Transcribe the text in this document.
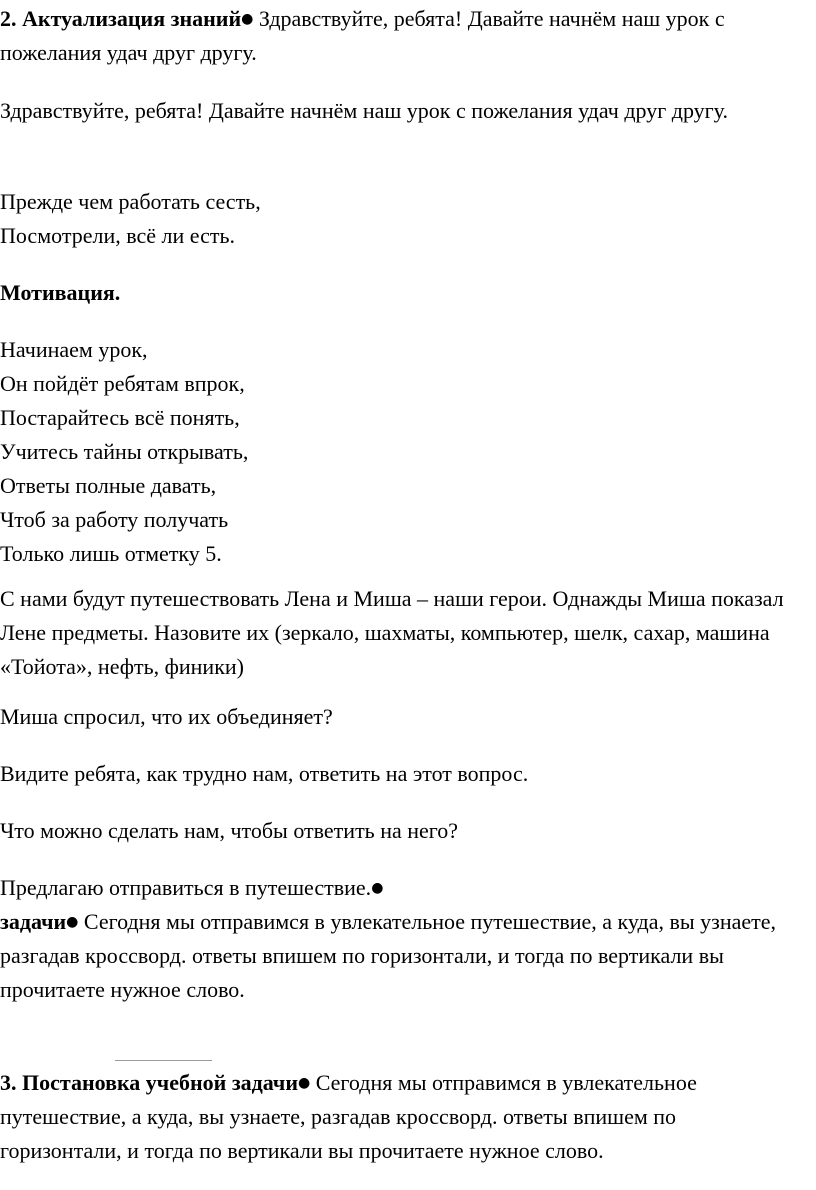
2. Актуализация знаний● Здравствуйте, ребята! Давайте начнём наш урок с пожелания удач друг другу.

Здравствуйте, ребята! Давайте начнём наш урок с пожелания удач друг другу.

Прежде чем работать сесть,

Посмотрели, всё ли есть.

Мотивация.

Начинаем урок,

Он пойдёт ребятам впрок,

Постарайтесь всё понять,

Учитесь тайны открывать,

Ответы полные давать,

Чтоб за работу получать

Только лишь отметку 5.

С нами будут путешествовать Лена и Миша – наши герои. Однажды Миша показал Лене предметы. Назовите их (зеркало, шахматы, компьютер, шелк, сахар, машина «Тойота», нефть, финики)

Миша спросил, что их объединяет?

Видите ребята, как трудно нам, ответить на этот вопрос.

Что можно сделать нам, чтобы ответить на него?

Предлагаю отправиться в путешествие.●

задачи● Сегодня мы отправимся в увлекательное путешествие, а куда, вы узнаете, разгадав кроссворд. ответы впишем по горизонтали, и тогда по вертикали вы прочитаете нужное слово.

3. Постановка учебной задачи● Сегодня мы отправимся в увлекательное путешествие, а куда, вы узнаете, разгадав кроссворд. ответы впишем по горизонтали, и тогда по вертикали вы прочитаете нужное слово.
